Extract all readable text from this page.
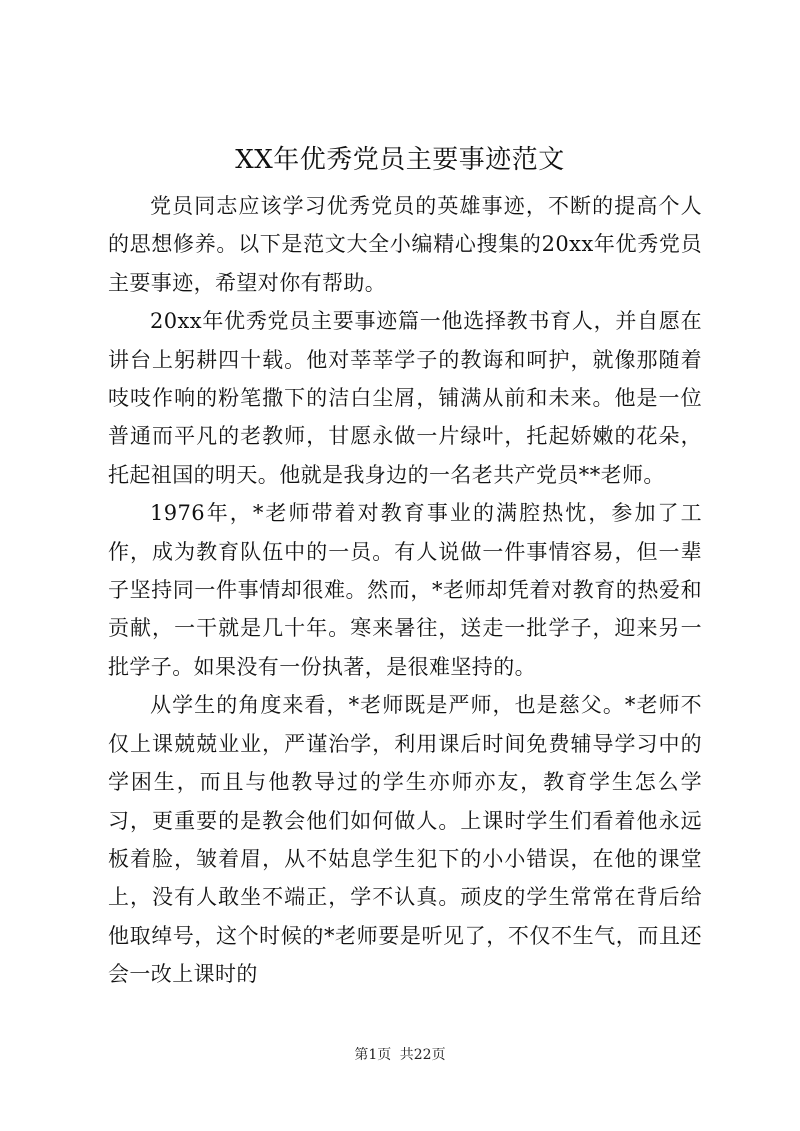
XX年优秀党员主要事迹范文

党员同志应该学习优秀党员的英雄事迹，不断的提高个人的思想修养。以下是范文大全小编精心搜集的20xx年优秀党员主要事迹，希望对你有帮助。

20xx年优秀党员主要事迹篇一他选择教书育人，并自愿在讲台上躬耕四十载。他对莘莘学子的教诲和呵护，就像那随着吱吱作响的粉笔撒下的洁白尘屑，铺满从前和未来。他是一位普通而平凡的老教师，甘愿永做一片绿叶，托起娇嫩的花朵，托起祖国的明天。他就是我身边的一名老共产党员**老师。

1976年，*老师带着对教育事业的满腔热忱，参加了工作，成为教育队伍中的一员。有人说做一件事情容易，但一辈子坚持同一件事情却很难。然而，*老师却凭着对教育的热爱和贡献，一干就是几十年。寒来暑往，送走一批学子，迎来另一批学子。如果没有一份执著，是很难坚持的。

从学生的角度来看，*老师既是严师，也是慈父。*老师不仅上课兢兢业业，严谨治学，利用课后时间免费辅导学习中的学困生，而且与他教导过的学生亦师亦友，教育学生怎么学习，更重要的是教会他们如何做人。上课时学生们看着他永远板着脸，皱着眉，从不姑息学生犯下的小小错误，在他的课堂上，没有人敢坐不端正，学不认真。顽皮的学生常常在背后给他取绰号，这个时候的*老师要是听见了，不仅不生气，而且还会一改上课时的

第1页 共22页
